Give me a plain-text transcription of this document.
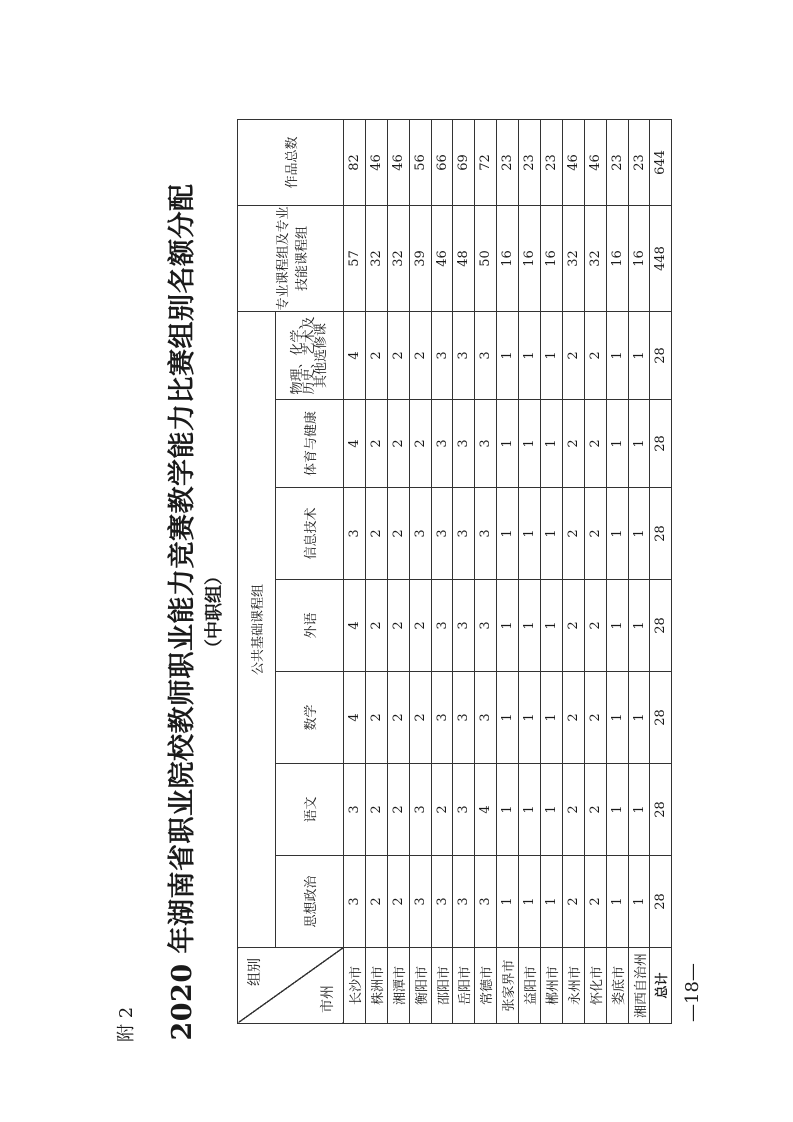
附 2 2020 年湖南省职业院校教师职业能力竞赛教学能力比赛组别名额分配 （中职组）
组别
市州	公共基础课程组							专业课程组及专业技能课程组	作品总数
	思想政治	语文	数学	外语	信息技术	体育与健康	物理、化学、历史、艺术及其他选修课		
长沙市	3	3	4	4	3	4	4	57	82
株洲市	2	2	2	2	2	2	2	32	46
湘潭市	2	2	2	2	2	2	2	32	46
衡阳市	3	3	2	2	3	2	2	39	56
邵阳市	3	2	3	3	3	3	3	46	66
岳阳市	3	3	3	3	3	3	3	48	69
常德市	3	4	3	3	3	3	3	50	72
张家界市	1	1	1	1	1	1	1	16	23
益阳市	1	1	1	1	1	1	1	16	23
郴州市	1	1	1	1	1	1	1	16	23
永州市	2	2	2	2	2	2	2	32	46
怀化市	2	2	2	2	2	2	2	32	46
娄底市	1	1	1	1	1	1	1	16	23
湘西自治州	1	1	1	1	1	1	1	16	23
总计	28	28	28	28	28	28	28	448	644
—18—
